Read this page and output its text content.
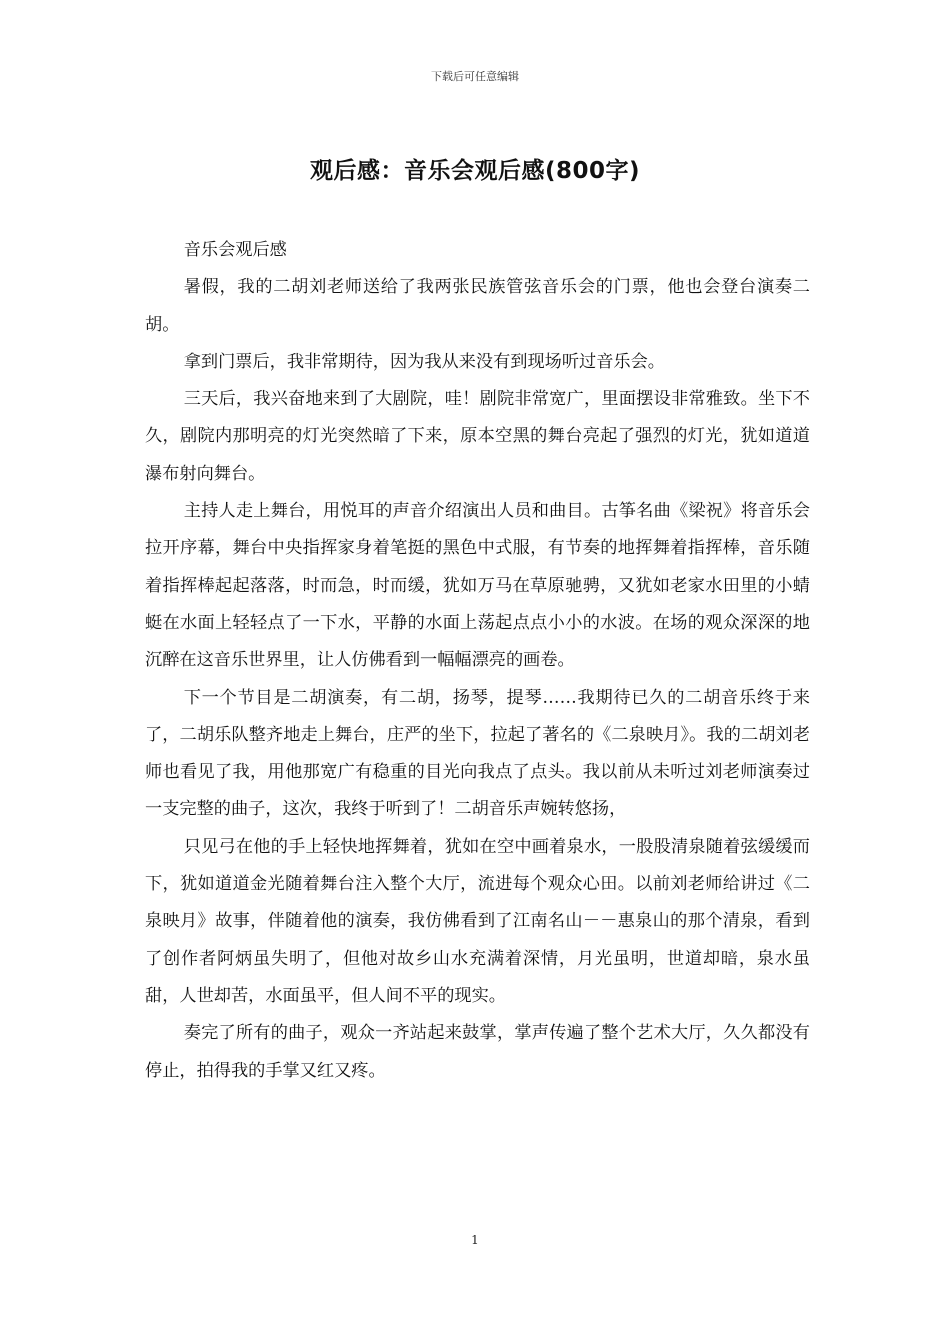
下载后可任意编辑
观后感：音乐会观后感(800字)

音乐会观后感

暑假，我的二胡刘老师送给了我两张民族管弦音乐会的门票，他也会登台演奏二胡。

拿到门票后，我非常期待，因为我从来没有到现场听过音乐会。

三天后，我兴奋地来到了大剧院，哇！剧院非常宽广，里面摆设非常雅致。坐下不久，剧院内那明亮的灯光突然暗了下来，原本空黑的舞台亮起了强烈的灯光，犹如道道瀑布射向舞台。

主持人走上舞台，用悦耳的声音介绍演出人员和曲目。古筝名曲《梁祝》将音乐会拉开序幕，舞台中央指挥家身着笔挺的黑色中式服，有节奏的地挥舞着指挥棒，音乐随着指挥棒起起落落，时而急，时而缓，犹如万马在草原驰骋，又犹如老家水田里的小蜻蜓在水面上轻轻点了一下水，平静的水面上荡起点点小小的水波。在场的观众深深的地沉醉在这音乐世界里，让人仿佛看到一幅幅漂亮的画卷。

下一个节目是二胡演奏，有二胡，扬琴，提琴……我期待已久的二胡音乐终于来了，二胡乐队整齐地走上舞台，庄严的坐下，拉起了著名的《二泉映月》。我的二胡刘老师也看见了我，用他那宽广有稳重的目光向我点了点头。我以前从未听过刘老师演奏过一支完整的曲子，这次，我终于听到了！二胡音乐声婉转悠扬，

只见弓在他的手上轻快地挥舞着，犹如在空中画着泉水，一股股清泉随着弦缓缓而下，犹如道道金光随着舞台注入整个大厅，流进每个观众心田。以前刘老师给讲过《二泉映月》故事，伴随着他的演奏，我仿佛看到了江南名山－－惠泉山的那个清泉，看到了创作者阿炳虽失明了，但他对故乡山水充满着深情，月光虽明，世道却暗，泉水虽甜，人世却苦，水面虽平，但人间不平的现实。

奏完了所有的曲子，观众一齐站起来鼓掌，掌声传遍了整个艺术大厅，久久都没有停止，拍得我的手掌又红又疼。

1
